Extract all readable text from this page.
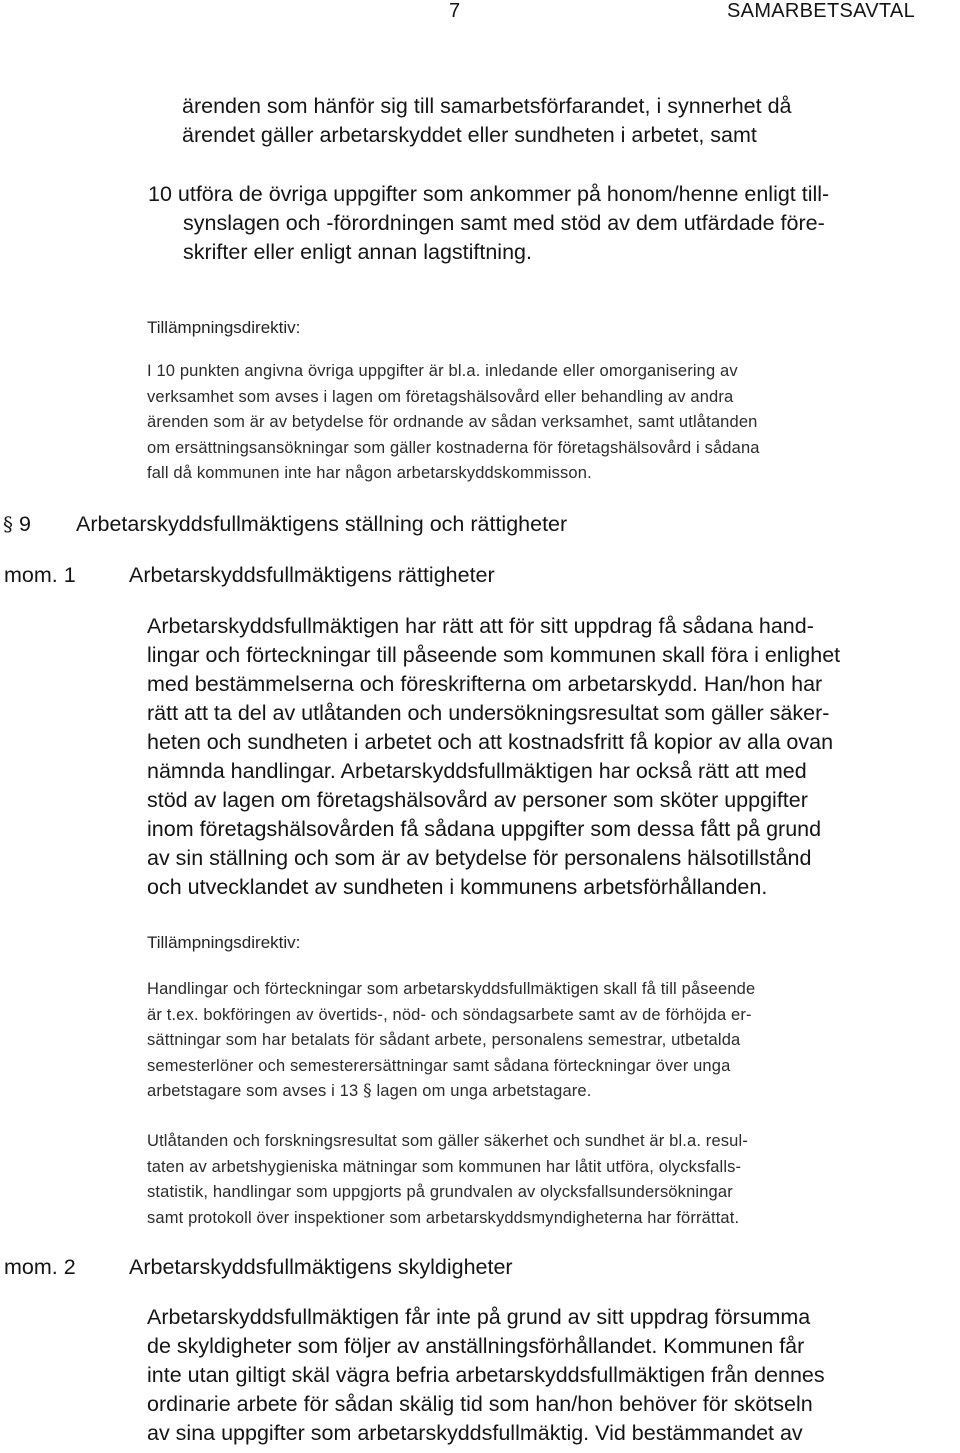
7	SAMARBETSAVTAL
ärenden som hänför sig till samarbetsförfarandet, i synnerhet då
ärendet gäller arbetarskyddet eller sundheten i arbetet, samt
10 utföra de övriga uppgifter som ankommer på honom/henne enligt till-
synslagen och -förordningen samt med stöd av dem utfärdade före-
skrifter eller enligt annan lagstiftning.
Tillämpningsdirektiv:
I 10 punkten angivna övriga uppgifter är bl.a. inledande eller omorganisering av
verksamhet som avses i lagen om företagshälsovård eller behandling av andra
ärenden som är av betydelse för ordnande av sådan verksamhet, samt utlåtanden
om ersättningsansökningar som gäller kostnaderna för företagshälsovård i sådana
fall då kommunen inte har någon arbetarskyddskommisson.
§ 9 Arbetarskyddsfullmäktigens ställning och rättigheter
mom. 1 Arbetarskyddsfullmäktigens rättigheter
Arbetarskyddsfullmäktigen har rätt att för sitt uppdrag få sådana hand-
lingar och förteckningar till påseende som kommunen skall föra i enlighet
med bestämmelserna och föreskrifterna om arbetarskydd. Han/hon har
rätt att ta del av utlåtanden och undersökningsresultat som gäller säker-
heten och sundheten i arbetet och att kostnadsfritt få kopior av alla ovan
nämnda handlingar. Arbetarskyddsfullmäktigen har också rätt att med
stöd av lagen om företagshälsovård av personer som sköter uppgifter
inom företagshälsovården få sådana uppgifter som dessa fått på grund
av sin ställning och som är av betydelse för personalens hälsotillstånd
och utvecklandet av sundheten i kommunens arbetsförhållanden.
Tillämpningsdirektiv:
Handlingar och förteckningar som arbetarskyddsfullmäktigen skall få till påseende
är t.ex. bokföringen av övertids-, nöd- och söndagsarbete samt av de förhöjda er-
sättningar som har betalats för sådant arbete, personalens semestrar, utbetalda
semesterlöner och semesterersättningar samt sådana förteckningar över unga
arbetstagare som avses i 13 § lagen om unga arbetstagare.
Utlåtanden och forskningsresultat som gäller säkerhet och sundhet är bl.a. resul-
taten av arbetshygieniska mätningar som kommunen har låtit utföra, olycksfalls-
statistik, handlingar som uppgjorts på grundvalen av olycksfallsundersökningar
samt protokoll över inspektioner som arbetarskyddsmyndigheterna har förrättat.
mom. 2 Arbetarskyddsfullmäktigens skyldigheter
Arbetarskyddsfullmäktigen får inte på grund av sitt uppdrag försumma
de skyldigheter som följer av anställningsförhållandet. Kommunen får
inte utan giltigt skäl vägra befria arbetarskyddsfullmäktigen från dennes
ordinarie arbete för sådan skälig tid som han/hon behöver för skötseln
av sina uppgifter som arbetarskyddsfullmäktig. Vid bestämmandet av
